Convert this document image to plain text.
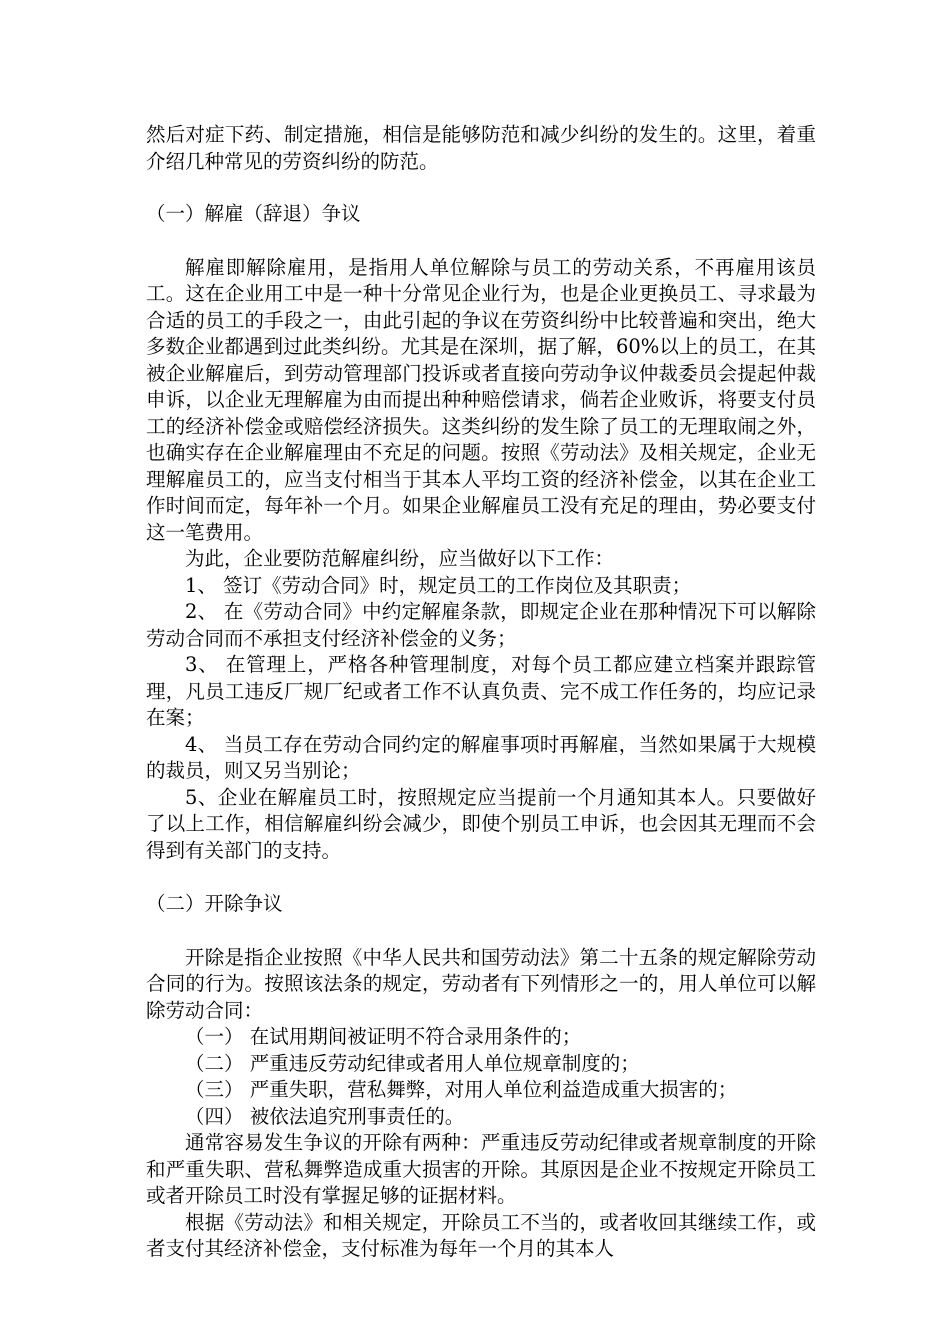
然后对症下药、制定措施，相信是能够防范和减少纠纷的发生的。这里，着重介绍几种常见的劳资纠纷的防范。

（一）解雇（辞退）争议

解雇即解除雇用，是指用人单位解除与员工的劳动关系，不再雇用该员工。这在企业用工中是一种十分常见企业行为，也是企业更换员工、寻求最为合适的员工的手段之一，由此引起的争议在劳资纠纷中比较普遍和突出，绝大多数企业都遇到过此类纠纷。尤其是在深圳，据了解，60%以上的员工，在其被企业解雇后，到劳动管理部门投诉或者直接向劳动争议仲裁委员会提起仲裁申诉，以企业无理解雇为由而提出种种赔偿请求，倘若企业败诉，将要支付员工的经济补偿金或赔偿经济损失。这类纠纷的发生除了员工的无理取闹之外，也确实存在企业解雇理由不充足的问题。按照《劳动法》及相关规定，企业无理解雇员工的，应当支付相当于其本人平均工资的经济补偿金，以其在企业工作时间而定，每年补一个月。如果企业解雇员工没有充足的理由，势必要支付这一笔费用。

为此，企业要防范解雇纠纷，应当做好以下工作：

1、 签订《劳动合同》时，规定员工的工作岗位及其职责；

2、 在《劳动合同》中约定解雇条款，即规定企业在那种情况下可以解除劳动合同而不承担支付经济补偿金的义务；

3、 在管理上，严格各种管理制度，对每个员工都应建立档案并跟踪管理，凡员工违反厂规厂纪或者工作不认真负责、完不成工作任务的，均应记录在案；

4、 当员工存在劳动合同约定的解雇事项时再解雇，当然如果属于大规模的裁员，则又另当别论；

5、企业在解雇员工时，按照规定应当提前一个月通知其本人。只要做好了以上工作，相信解雇纠纷会减少，即使个别员工申诉，也会因其无理而不会得到有关部门的支持。

（二）开除争议

开除是指企业按照《中华人民共和国劳动法》第二十五条的规定解除劳动合同的行为。按照该法条的规定，劳动者有下列情形之一的，用人单位可以解除劳动合同：

（一） 在试用期间被证明不符合录用条件的；

（二） 严重违反劳动纪律或者用人单位规章制度的；

（三） 严重失职，营私舞弊，对用人单位利益造成重大损害的；

（四） 被依法追究刑事责任的。

通常容易发生争议的开除有两种：严重违反劳动纪律或者规章制度的开除和严重失职、营私舞弊造成重大损害的开除。其原因是企业不按规定开除员工或者开除员工时没有掌握足够的证据材料。

根据《劳动法》和相关规定，开除员工不当的，或者收回其继续工作，或者支付其经济补偿金，支付标准为每年一个月的其本人
